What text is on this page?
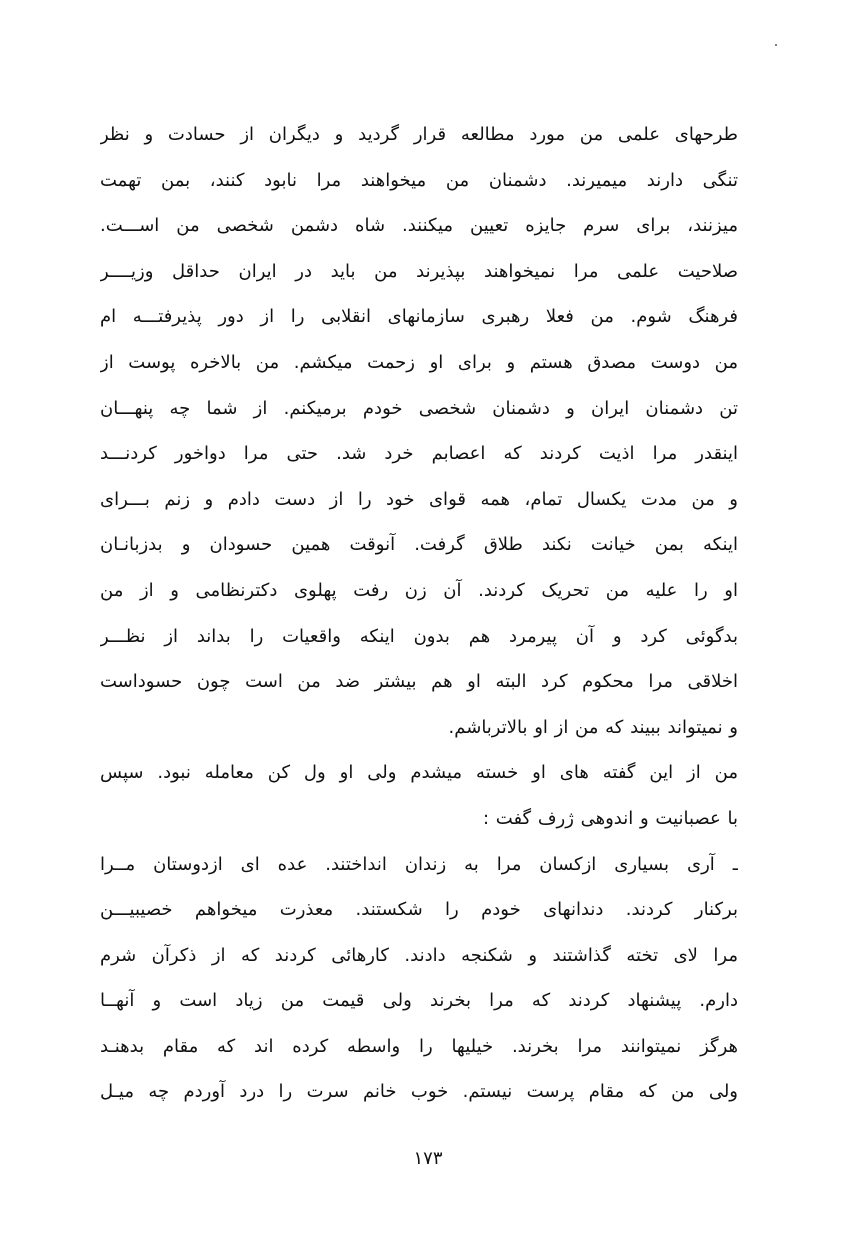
طرحهای علمی من مورد مطالعه قرار گردید و دیگران از حسادت و نظر
تنگی دارند میمیرند. دشمنان من میخواهند مرا نابود کنند، بمن تهمت
میزنند، برای سرم جایزه تعیین میکنند. شاه دشمن شخصی من اســـت.
صلاحیت علمی مرا نمیخواهند بپذیرند من باید در ایران حداقل وزیــــر
فرهنگ شوم. من فعلا رهبری سازمانهای انقلابی را از دور پذیرفتـــه ام
من دوست مصدق هستم و برای او زحمت میکشم. من بالاخره پوست از
تن دشمنان ایران و دشمنان شخصی خودم برمیکنم. از شما چه پنهـــان
اینقدر مرا اذیت کردند که اعصابم خرد شد. حتی مرا دواخور کردنـــد
و من مدت یکسال تمام، همه قوای خود را از دست دادم و زنم بـــرای
اینکه بمن خیانت نکند طلاق گرفت. آنوقت همین حسودان و بدزبانـان
او را علیه من تحریک کردند. آن زن رفت پهلوی دکترنظامی و از من
بدگوئی کرد و آن پیرمرد هم بدون اینکه واقعیات را بداند از نظـــر
اخلاقی مرا محکوم کرد البته او هم بیشتر ضد من است چون حسوداست
و نمیتواند ببیند که من از او بالاترباشم.
من از این گفته های او خسته میشدم ولی او ول کن معامله نبود. سپس
با عصبانیت و اندوهی ژرف گفت :
ـ آری بسیاری ازکسان مرا به زندان انداختند. عده ای ازدوستان مــرا
برکنار کردند. دندانهای خودم را شکستند. معذرت میخواهم خصیبیـــن
مرا لای تخته گذاشتند و شکنجه دادند. کارهائی کردند که از ذکرآن شرم
دارم. پیشنهاد کردند که مرا بخرند ولی قیمت من زیاد است و آنهــا
هرگز نمیتوانند مرا بخرند. خیلیها را واسطه کرده اند که مقام بدهنـد
ولی من که مقام پرست نیستم. خوب خانم سرت را درد آوردم چه میـل
۱۷۳
